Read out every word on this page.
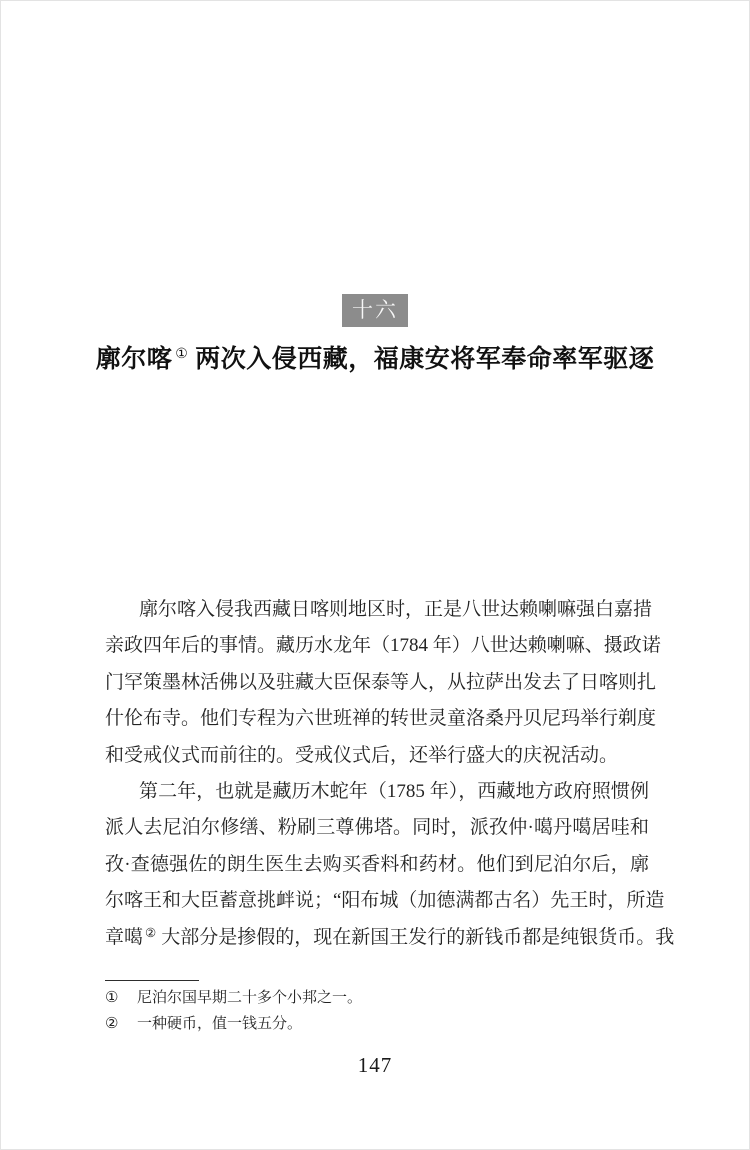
十六
廓尔喀 ① 两次入侵西藏，福康安将军奉命率军驱逐
廓尔喀入侵我西藏日喀则地区时，正是八世达赖喇嘛强白嘉措
亲政四年后的事情。藏历水龙年（1784 年）八世达赖喇嘛、摄政诺
门罕策墨林活佛以及驻藏大臣保泰等人，从拉萨出发去了日喀则扎
什伦布寺。他们专程为六世班禅的转世灵童洛桑丹贝尼玛举行剃度
和受戒仪式而前往的。受戒仪式后，还举行盛大的庆祝活动。
第二年，也就是藏历木蛇年（1785 年），西藏地方政府照惯例
派人去尼泊尔修缮、粉刷三尊佛塔。同时，派孜仲·噶丹噶居哇和
孜·查德强佐的朗生医生去购买香料和药材。他们到尼泊尔后，廓
尔喀王和大臣蓄意挑衅说；“阳布城（加德满都古名）先王时，所造
章噶 ② 大部分是掺假的，现在新国王发行的新钱币都是纯银货币。我
①	尼泊尔国早期二十多个小邦之一。
②	一种硬币，值一钱五分。
147
